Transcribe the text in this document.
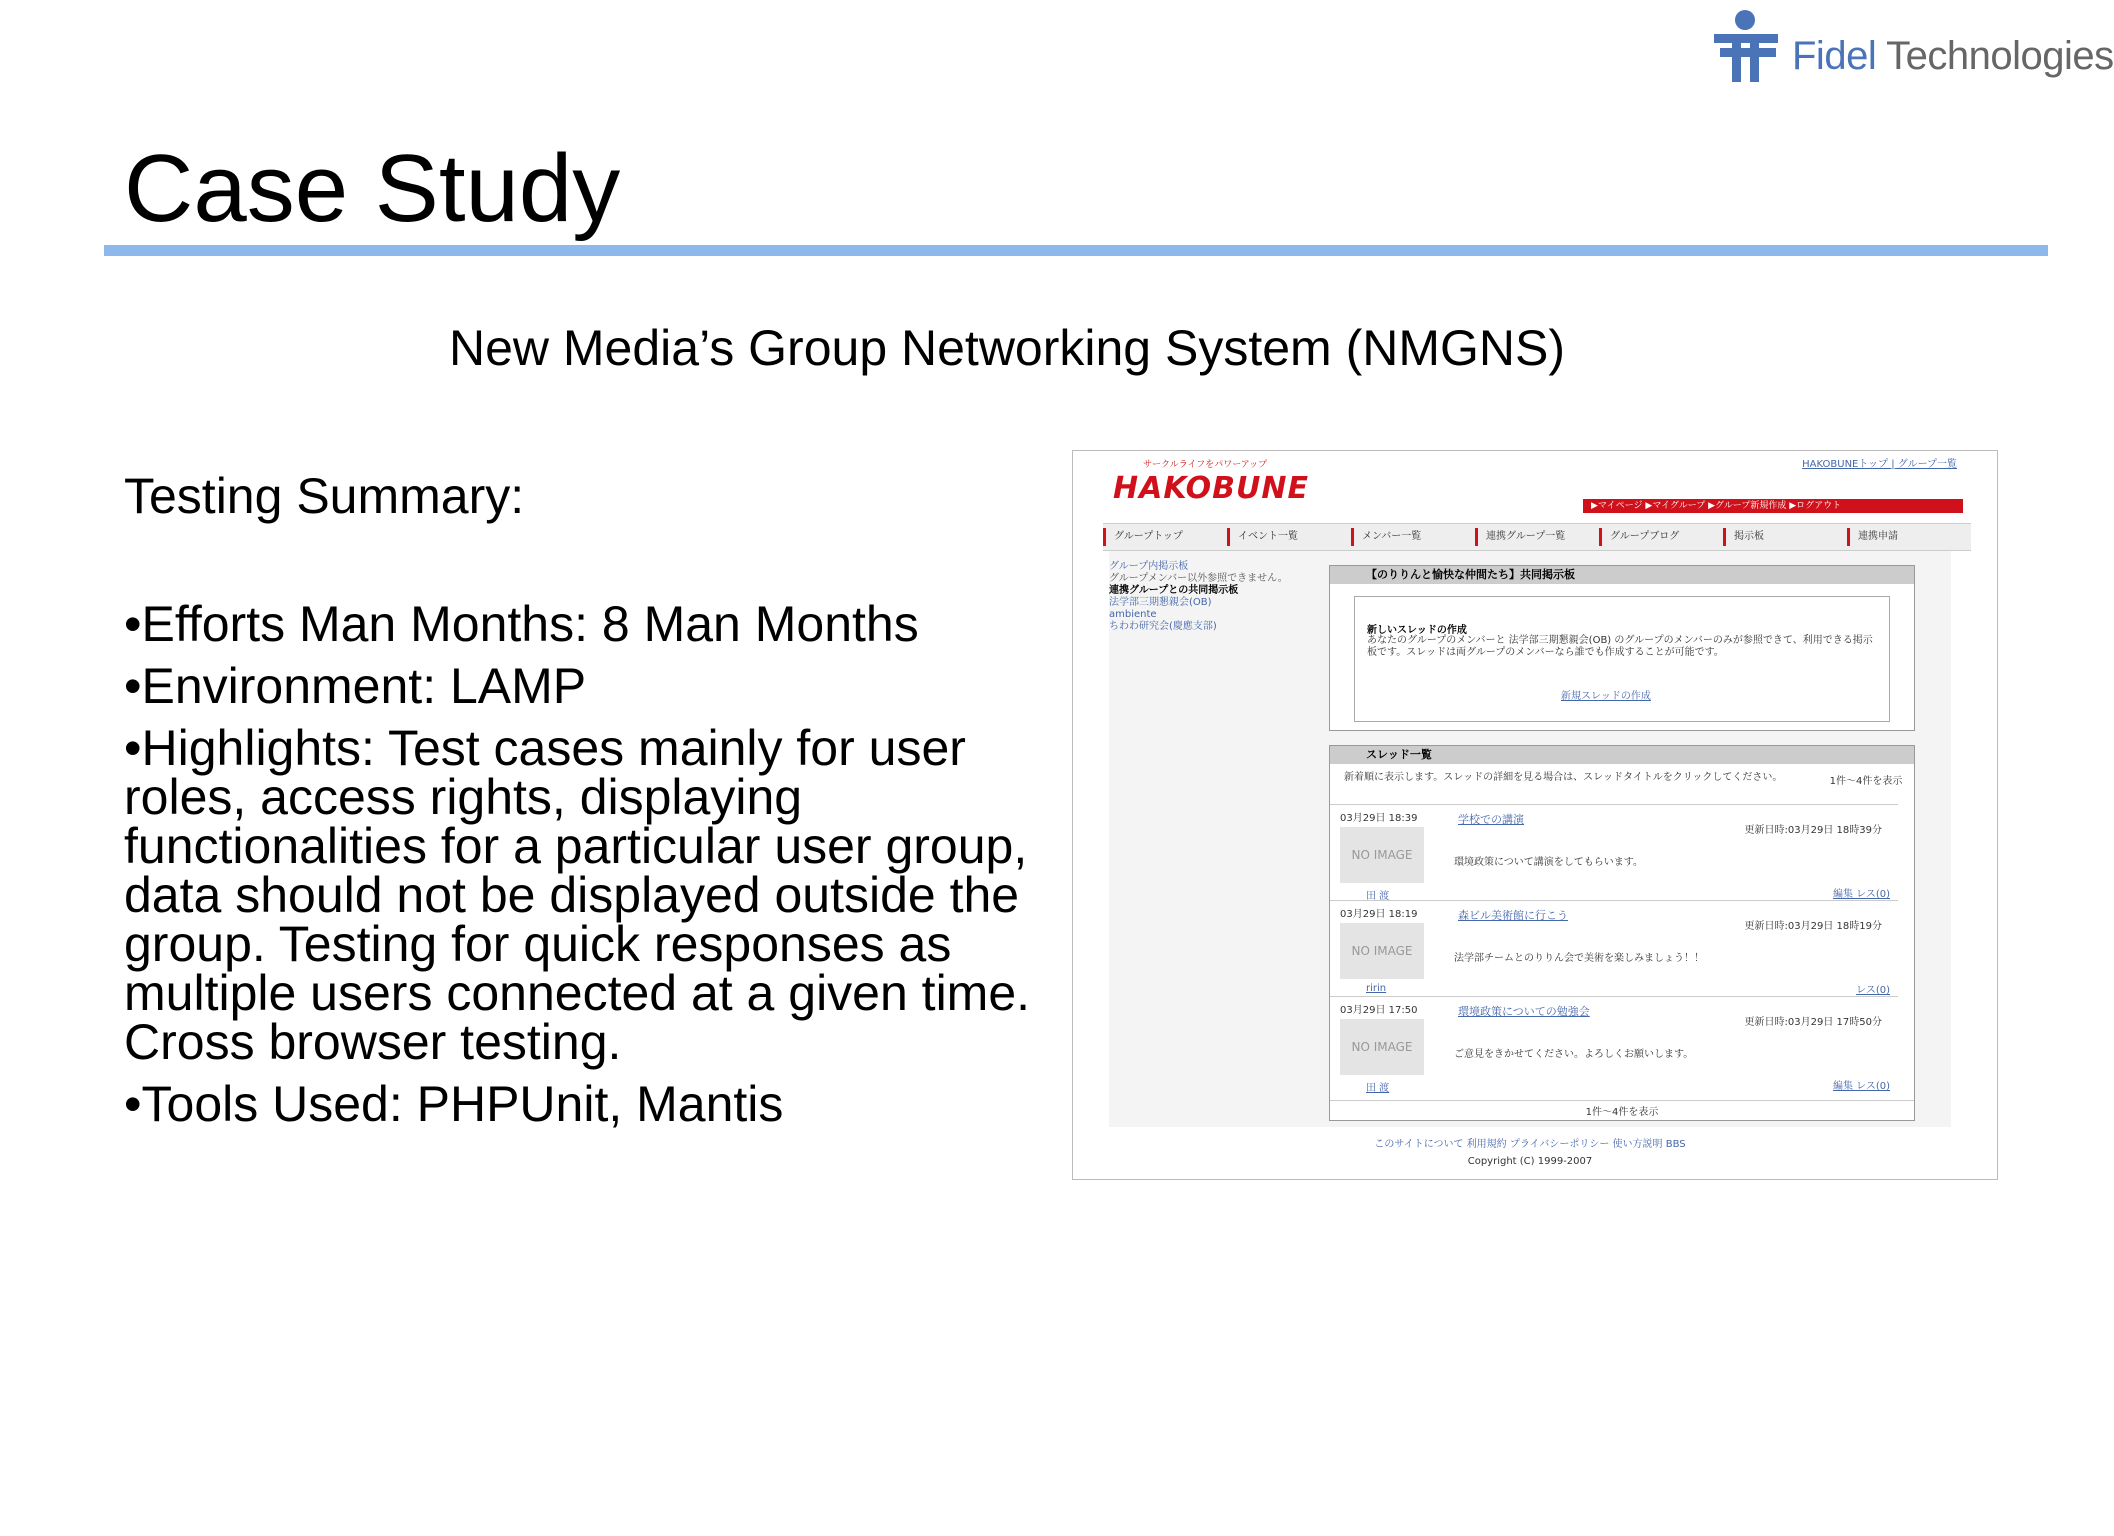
Fidel Technologies
Case Study
New Media’s Group Networking System (NMGNS)
Testing Summary:
•Efforts Man Months: 8 Man Months
•Environment: LAMP
•Highlights: Test cases mainly for user roles, access rights, displaying functionalities for a particular user group, data should not be displayed outside the group. Testing for quick responses as multiple users connected at a given time. Cross browser testing.
•Tools Used: PHPUnit, Mantis
サークルライフをパワーアップ
HAKOBUNE
HAKOBUNEトップ | グループ一覧
▶マイページ ▶マイグループ ▶グループ新規作成 ▶ログアウト
グループトップ	イベント一覧	メンバー一覧	連携グループ一覧	グループブログ	掲示板	連携申請
グループ内掲示板
グループメンバー以外参照できません。
連携グループとの共同掲示板
法学部三期懇親会(OB)
ambiente
ちわわ研究会(慶應支部)
【のりりんと愉快な仲間たち】共同掲示板
新しいスレッドの作成
あなたのグループのメンバーと 法学部三期懇親会(OB) のグループのメンバーのみが参照できて、利用できる掲示板です。スレッドは両グループのメンバーなら誰でも作成することが可能です。
新規スレッドの作成
スレッド一覧
新着順に表示します。スレッドの詳細を見る場合は、スレッドタイトルをクリックしてください。	1件〜4件を表示
03月29日 18:39
NO IMAGE
田 渡
学校での講演
更新日時:03月29日 18時39分
環境政策について講演をしてもらいます。
編集 レス(0)
03月29日 18:19
NO IMAGE
ririn
森ビル美術館に行こう
更新日時:03月29日 18時19分
法学部チームとのりりん会で美術を楽しみましょう！！
レス(0)
03月29日 17:50
NO IMAGE
田 渡
環境政策についての勉強会
更新日時:03月29日 17時50分
ご意見をきかせてください。よろしくお願いします。
編集 レス(0)
1件〜4件を表示
このサイトについて 利用規約 プライバシーポリシー 使い方説明 BBS
Copyright (C) 1999-2007
